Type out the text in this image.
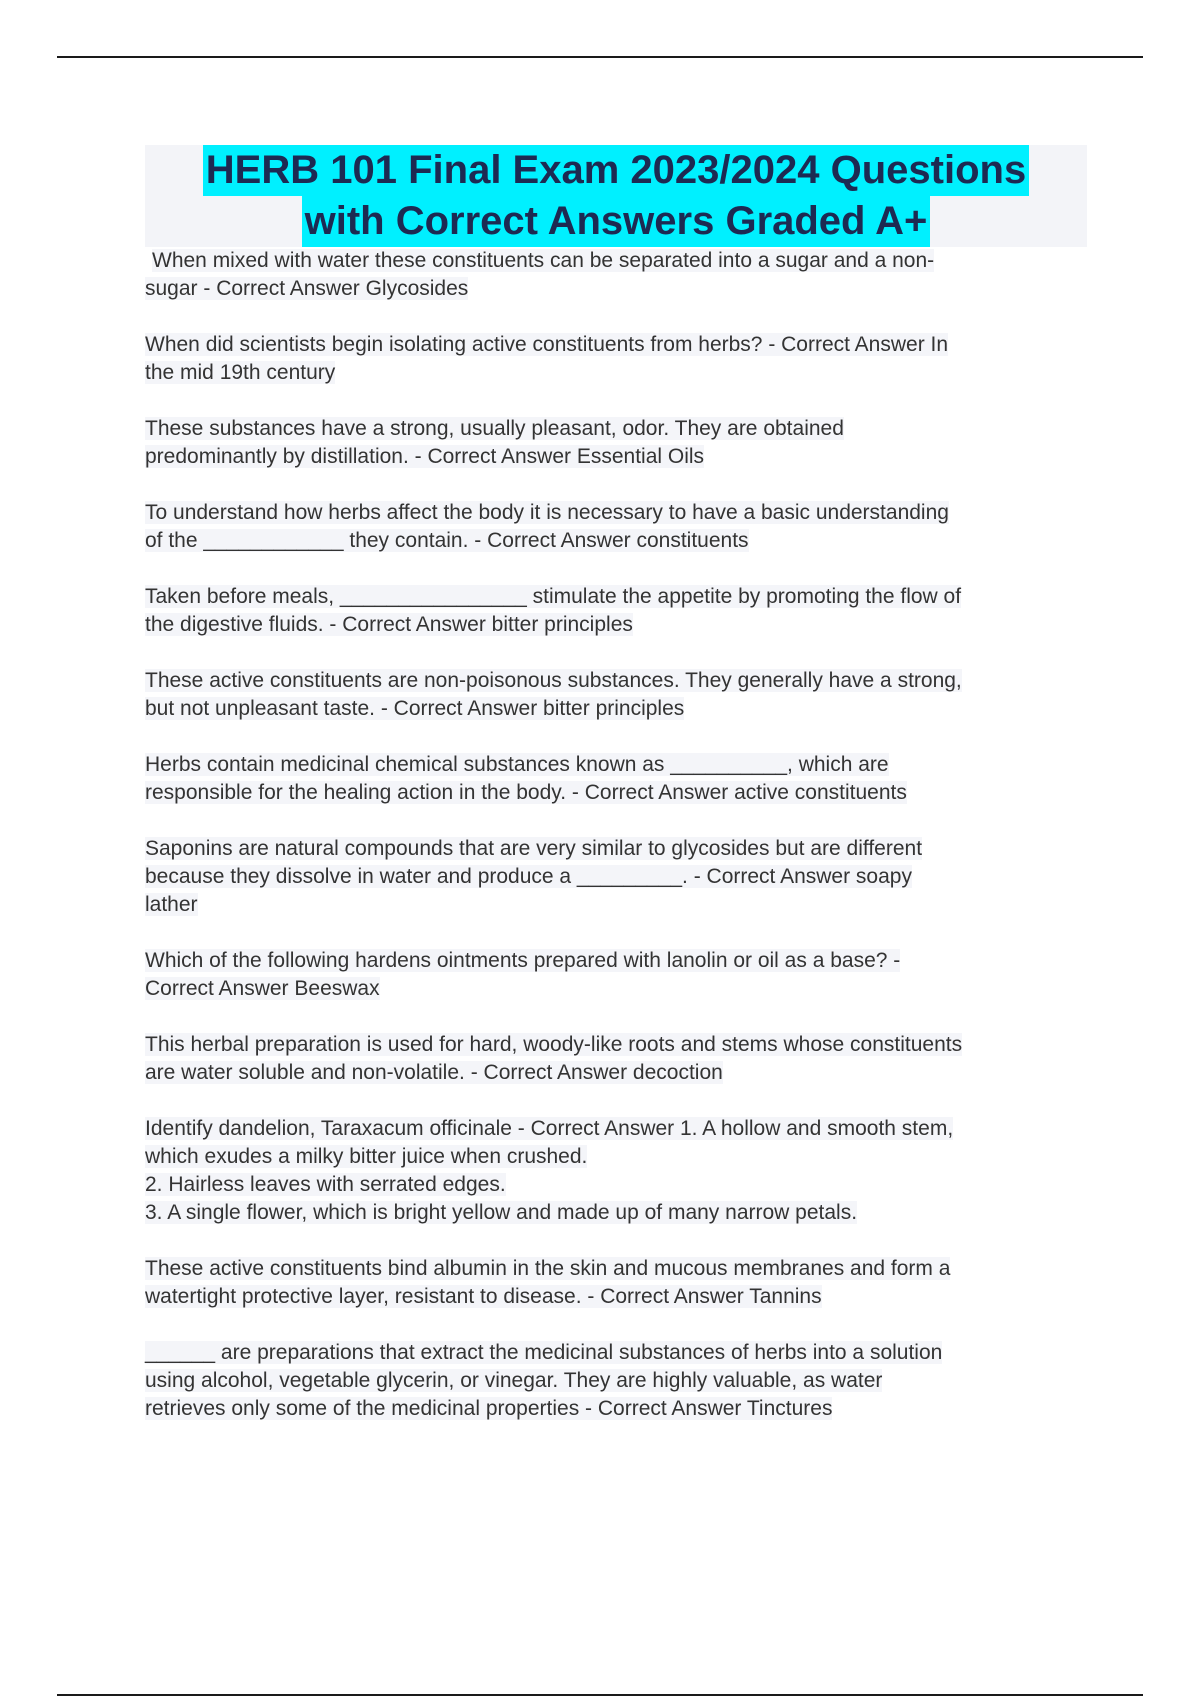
HERB 101 Final Exam 2023/2024 Questions
with Correct Answers Graded A+
When mixed with water these constituents can be separated into a sugar and a non-
sugar - Correct Answer Glycosides
When did scientists begin isolating active constituents from herbs? - Correct Answer In
the mid 19th century
These substances have a strong, usually pleasant, odor. They are obtained
predominantly by distillation. - Correct Answer Essential Oils
To understand how herbs affect the body it is necessary to have a basic understanding
of the ____________ they contain. - Correct Answer constituents
Taken before meals, ________________ stimulate the appetite by promoting the flow of
the digestive fluids. - Correct Answer bitter principles
These active constituents are non-poisonous substances. They generally have a strong,
but not unpleasant taste. - Correct Answer bitter principles
Herbs contain medicinal chemical substances known as __________, which are
responsible for the healing action in the body. - Correct Answer active constituents
Saponins are natural compounds that are very similar to glycosides but are different
because they dissolve in water and produce a _________. - Correct Answer soapy
lather
Which of the following hardens ointments prepared with lanolin or oil as a base? -
Correct Answer Beeswax
This herbal preparation is used for hard, woody-like roots and stems whose constituents
are water soluble and non-volatile. - Correct Answer decoction
Identify dandelion, Taraxacum officinale - Correct Answer 1. A hollow and smooth stem,
which exudes a milky bitter juice when crushed.
2. Hairless leaves with serrated edges.
3. A single flower, which is bright yellow and made up of many narrow petals.
These active constituents bind albumin in the skin and mucous membranes and form a
watertight protective layer, resistant to disease. - Correct Answer Tannins
______ are preparations that extract the medicinal substances of herbs into a solution
using alcohol, vegetable glycerin, or vinegar. They are highly valuable, as water
retrieves only some of the medicinal properties - Correct Answer Tinctures
